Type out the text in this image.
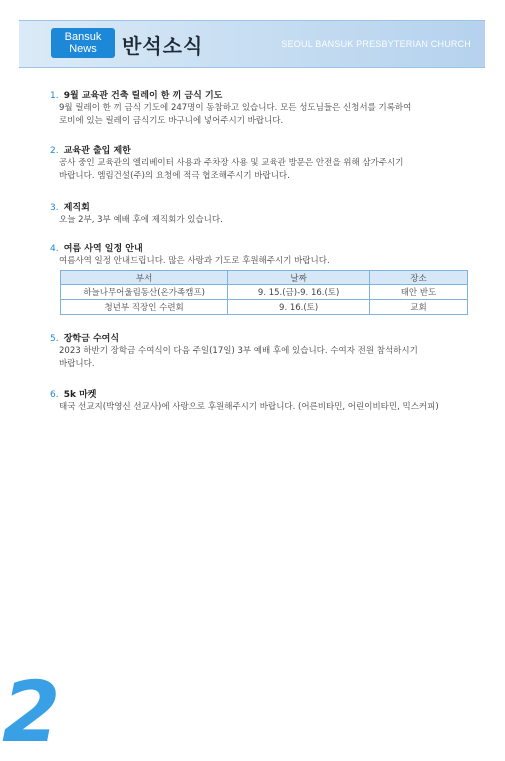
Bansuk
News	반석소식	SEOUL BANSUK PRESBYTERIAN CHURCH
1. 9월 교육관 건축 릴레이 한 끼 금식 기도
9월 릴레이 한 끼 금식 기도에 247명이 동참하고 있습니다. 모든 성도님들은 신청서를 기록하여
로비에 있는 릴레이 금식기도 바구니에 넣어주시기 바랍니다.
2. 교육관 출입 제한
공사 중인 교육관의 엘리베이터 사용과 주차장 사용 및 교육관 방문은 안전을 위해 삼가주시기
바랍니다. 엠림건설(주)의 요청에 적극 협조해주시기 바랍니다.
3. 제직회
오늘 2부, 3부 예배 후에 제직회가 있습니다.
4. 여름 사역 일정 안내
여름사역 일정 안내드립니다. 많은 사랑과 기도로 후원해주시기 바랍니다.
부서	날짜	장소
하늘나무어울림동산(온가족캠프)	9. 15.(금)-9. 16.(토)	태안 반도
청년부 직장인 수련회	9. 16.(토)	교회
5. 장학금 수여식
2023 하반기 장학금 수여식이 다음 주일(17일) 3부 예배 후에 있습니다. 수여자 전원 참석하시기
바랍니다.
6. 5k 마켓
태국 선교지(박영신 선교사)에 사랑으로 후원해주시기 바랍니다. (어른비타민, 어린이비타민, 믹스커피)
2
